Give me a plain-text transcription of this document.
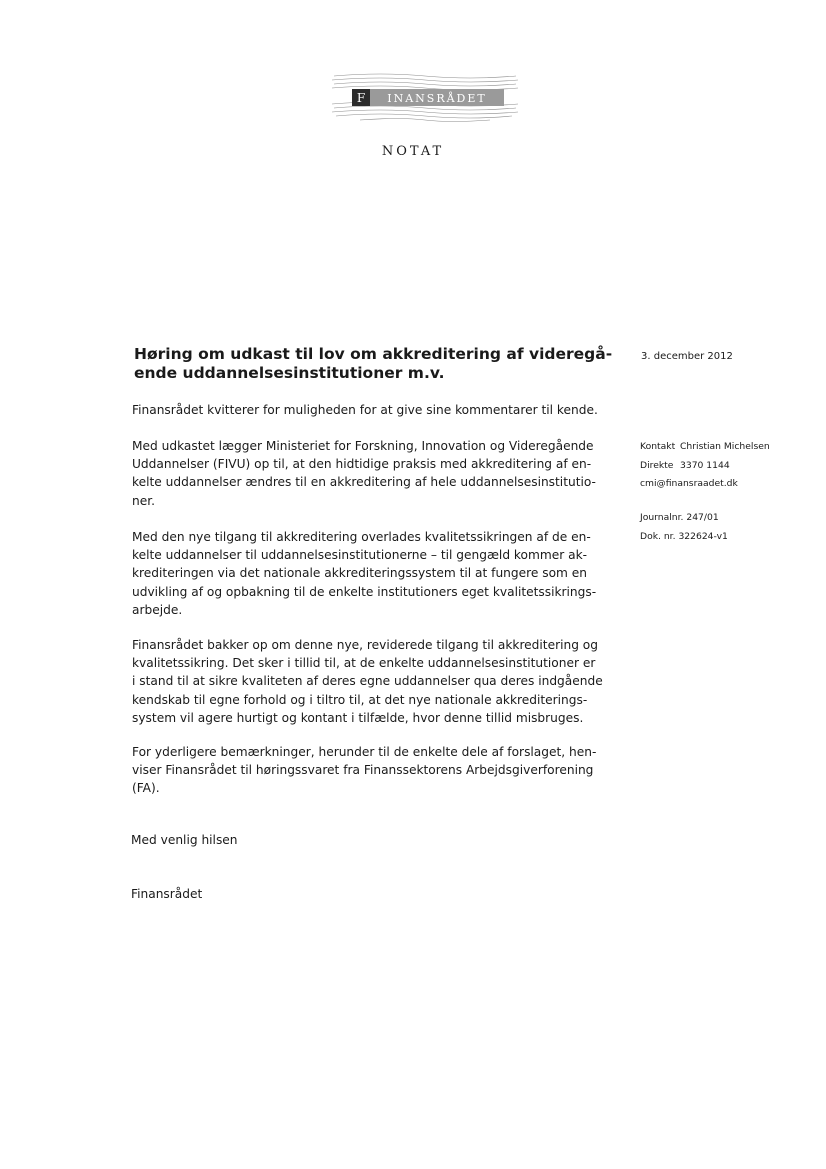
F INANSRÅDET
NOTAT
Høring om udkast til lov om akkreditering af videregå-
ende uddannelsesinstitutioner m.v.
3. december 2012
Kontakt Christian Michelsen
Direkte 3370 1144
cmi@finansraadet.dk
Journalnr. 247/01
Dok. nr. 322624-v1
Finansrådet kvitterer for muligheden for at give sine kommentarer til kende.
Med udkastet lægger Ministeriet for Forskning, Innovation og Videregående
Uddannelser (FIVU) op til, at den hidtidige praksis med akkreditering af en-
kelte uddannelser ændres til en akkreditering af hele uddannelsesinstitutio-
ner.
Med den nye tilgang til akkreditering overlades kvalitetssikringen af de en-
kelte uddannelser til uddannelsesinstitutionerne – til gengæld kommer ak-
krediteringen via det nationale akkrediteringssystem til at fungere som en
udvikling af og opbakning til de enkelte institutioners eget kvalitetssikrings-
arbejde.
Finansrådet bakker op om denne nye, reviderede tilgang til akkreditering og
kvalitetssikring. Det sker i tillid til, at de enkelte uddannelsesinstitutioner er
i stand til at sikre kvaliteten af deres egne uddannelser qua deres indgående
kendskab til egne forhold og i tiltro til, at det nye nationale akkrediterings-
system vil agere hurtigt og kontant i tilfælde, hvor denne tillid misbruges.
For yderligere bemærkninger, herunder til de enkelte dele af forslaget, hen-
viser Finansrådet til høringssvaret fra Finanssektorens Arbejdsgiverforening
(FA).
Med venlig hilsen
Finansrådet
